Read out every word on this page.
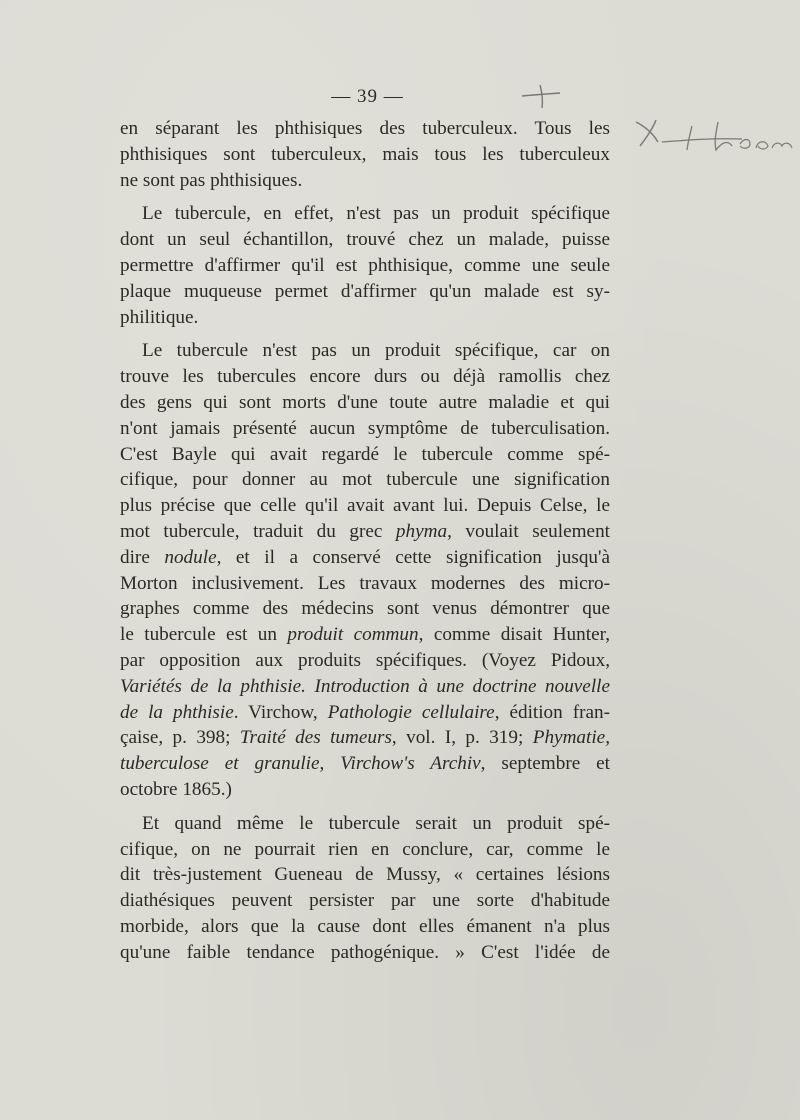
— 39 —
en séparant les phthisiques des tuberculeux. Tous les
phthisiques sont tuberculeux, mais tous les tuberculeux
ne sont pas phthisiques.
Le tubercule, en effet, n'est pas un produit spécifique
dont un seul échantillon, trouvé chez un malade, puisse
permettre d'affirmer qu'il est phthisique, comme une seule
plaque muqueuse permet d'affirmer qu'un malade est sy-
philitique.
Le tubercule n'est pas un produit spécifique, car on
trouve les tubercules encore durs ou déjà ramollis chez
des gens qui sont morts d'une toute autre maladie et qui
n'ont jamais présenté aucun symptôme de tuberculisation.
C'est Bayle qui avait regardé le tubercule comme spé-
cifique, pour donner au mot tubercule une signification
plus précise que celle qu'il avait avant lui. Depuis Celse, le
mot tubercule, traduit du grec phyma, voulait seulement
dire nodule, et il a conservé cette signification jusqu'à
Morton inclusivement. Les travaux modernes des micro-
graphes comme des médecins sont venus démontrer que
le tubercule est un produit commun, comme disait Hunter,
par opposition aux produits spécifiques. (Voyez Pidoux,
Variétés de la phthisie. Introduction à une doctrine nouvelle
de la phthisie. Virchow, Pathologie cellulaire, édition fran-
çaise, p. 398; Traité des tumeurs, vol. I, p. 319; Phymatie,
tuberculose et granulie, Virchow's Archiv, septembre et
octobre 1865.)
Et quand même le tubercule serait un produit spé-
cifique, on ne pourrait rien en conclure, car, comme le
dit très-justement Gueneau de Mussy, « certaines lésions
diathésiques peuvent persister par une sorte d'habitude
morbide, alors que la cause dont elles émanent n'a plus
qu'une faible tendance pathogénique. » C'est l'idée de
